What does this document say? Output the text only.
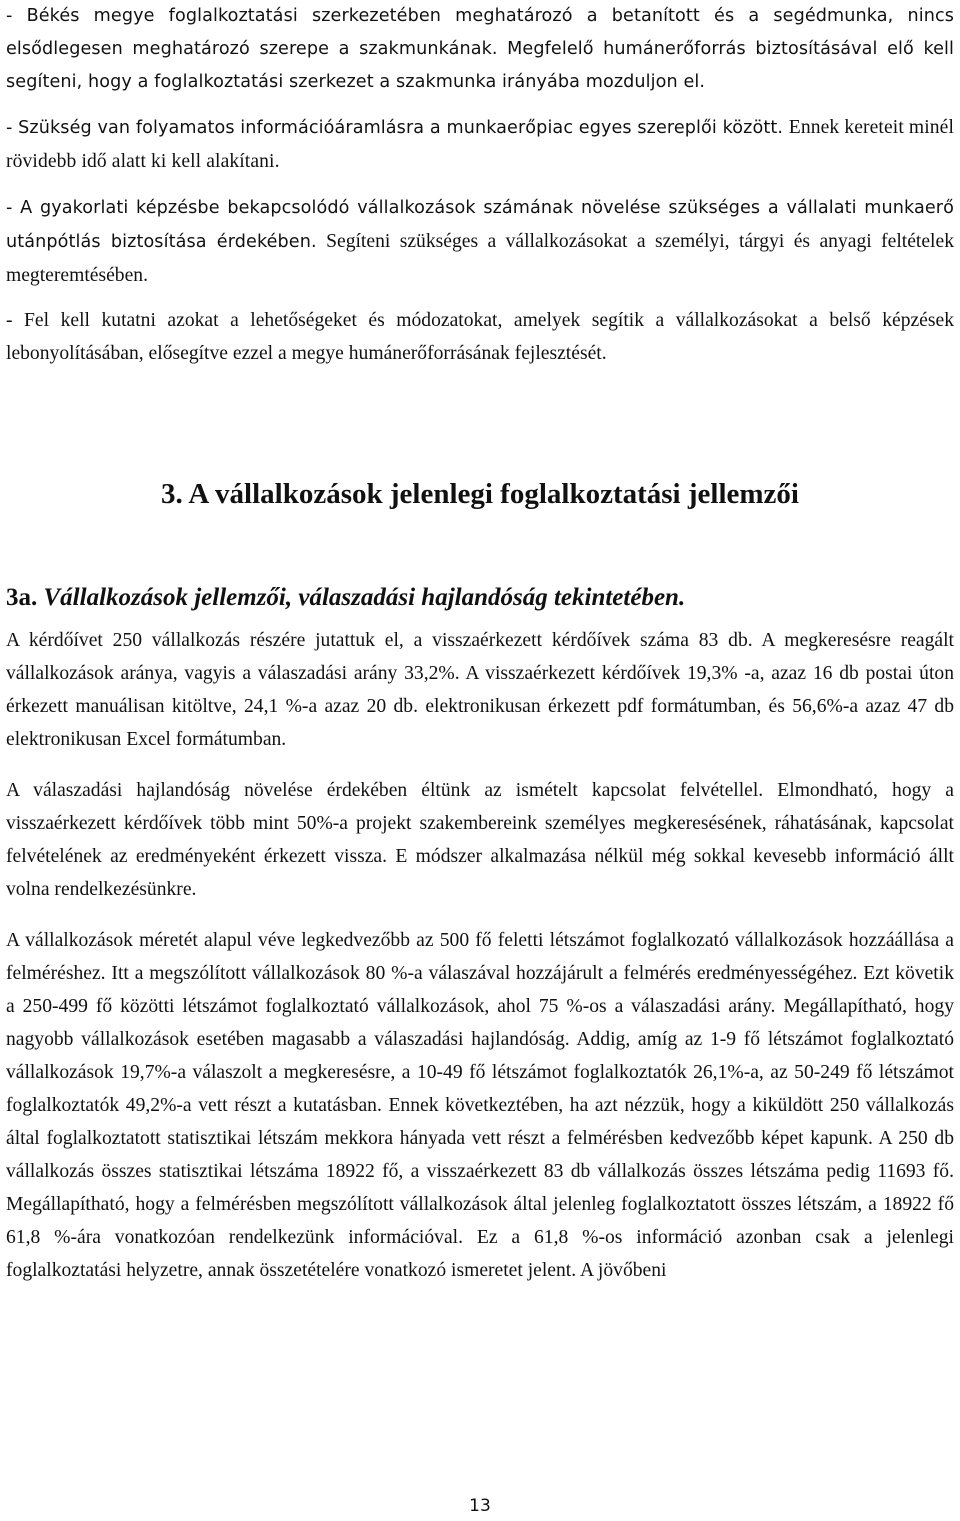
- Békés megye foglalkoztatási szerkezetében meghatározó a betanított és a segédmunka, nincs elsődlegesen meghatározó szerepe a szakmunkának. Megfelelő humánerőforrás biztosításával elő kell segíteni, hogy a foglalkoztatási szerkezet a szakmunka irányába mozduljon el.

- Szükség van folyamatos információáramlásra a munkaerőpiac egyes szereplői között. Ennek kereteit minél rövidebb idő alatt ki kell alakítani.

- A gyakorlati képzésbe bekapcsolódó vállalkozások számának növelése szükséges a vállalati munkaerő utánpótlás biztosítása érdekében. Segíteni szükséges a vállalkozásokat a személyi, tárgyi és anyagi feltételek megteremtésében.

- Fel kell kutatni azokat a lehetőségeket és módozatokat, amelyek segítik a vállalkozásokat a belső képzések lebonyolításában, elősegítve ezzel a megye humánerőforrásának fejlesztését.

3. A vállalkozások jelenlegi foglalkoztatási jellemzői
3a. Vállalkozások jellemzői, válaszadási hajlandóság tekintetében.

A kérdőívet 250 vállalkozás részére jutattuk el, a visszaérkezett kérdőívek száma 83 db. A megkeresésre reagált vállalkozások aránya, vagyis a válaszadási arány 33,2%. A visszaérkezett kérdőívek 19,3% -a, azaz 16 db postai úton érkezett manuálisan kitöltve, 24,1 %-a azaz 20 db. elektronikusan érkezett pdf formátumban, és 56,6%-a azaz 47 db elektronikusan Excel formátumban.

A válaszadási hajlandóság növelése érdekében éltünk az ismételt kapcsolat felvétellel. Elmondható, hogy a visszaérkezett kérdőívek több mint 50%-a projekt szakembereink személyes megkeresésének, ráhatásának, kapcsolat felvételének az eredményeként érkezett vissza. E módszer alkalmazása nélkül még sokkal kevesebb információ állt volna rendelkezésünkre.

A vállalkozások méretét alapul véve legkedvezőbb az 500 fő feletti létszámot foglalkozató vállalkozások hozzáállása a felméréshez. Itt a megszólított vállalkozások 80 %-a válaszával hozzájárult a felmérés eredményességéhez. Ezt követik a 250-499 fő közötti létszámot foglalkoztató vállalkozások, ahol 75 %-os a válaszadási arány. Megállapítható, hogy nagyobb vállalkozások esetében magasabb a válaszadási hajlandóság. Addig, amíg az 1-9 fő létszámot foglalkoztató vállalkozások 19,7%-a válaszolt a megkeresésre, a 10-49 fő létszámot foglalkoztatók 26,1%-a, az 50-249 fő létszámot foglalkoztatók 49,2%-a vett részt a kutatásban. Ennek következtében, ha azt nézzük, hogy a kiküldött 250 vállalkozás által foglalkoztatott statisztikai létszám mekkora hányada vett részt a felmérésben kedvezőbb képet kapunk. A 250 db vállalkozás összes statisztikai létszáma 18922 fő, a visszaérkezett 83 db vállalkozás összes létszáma pedig 11693 fő. Megállapítható, hogy a felmérésben megszólított vállalkozások által jelenleg foglalkoztatott összes létszám, a 18922 fő 61,8 %-ára vonatkozóan rendelkezünk információval. Ez a 61,8 %-os információ azonban csak a jelenlegi foglalkoztatási helyzetre, annak összetételére vonatkozó ismeretet jelent. A jövőbeni

13
